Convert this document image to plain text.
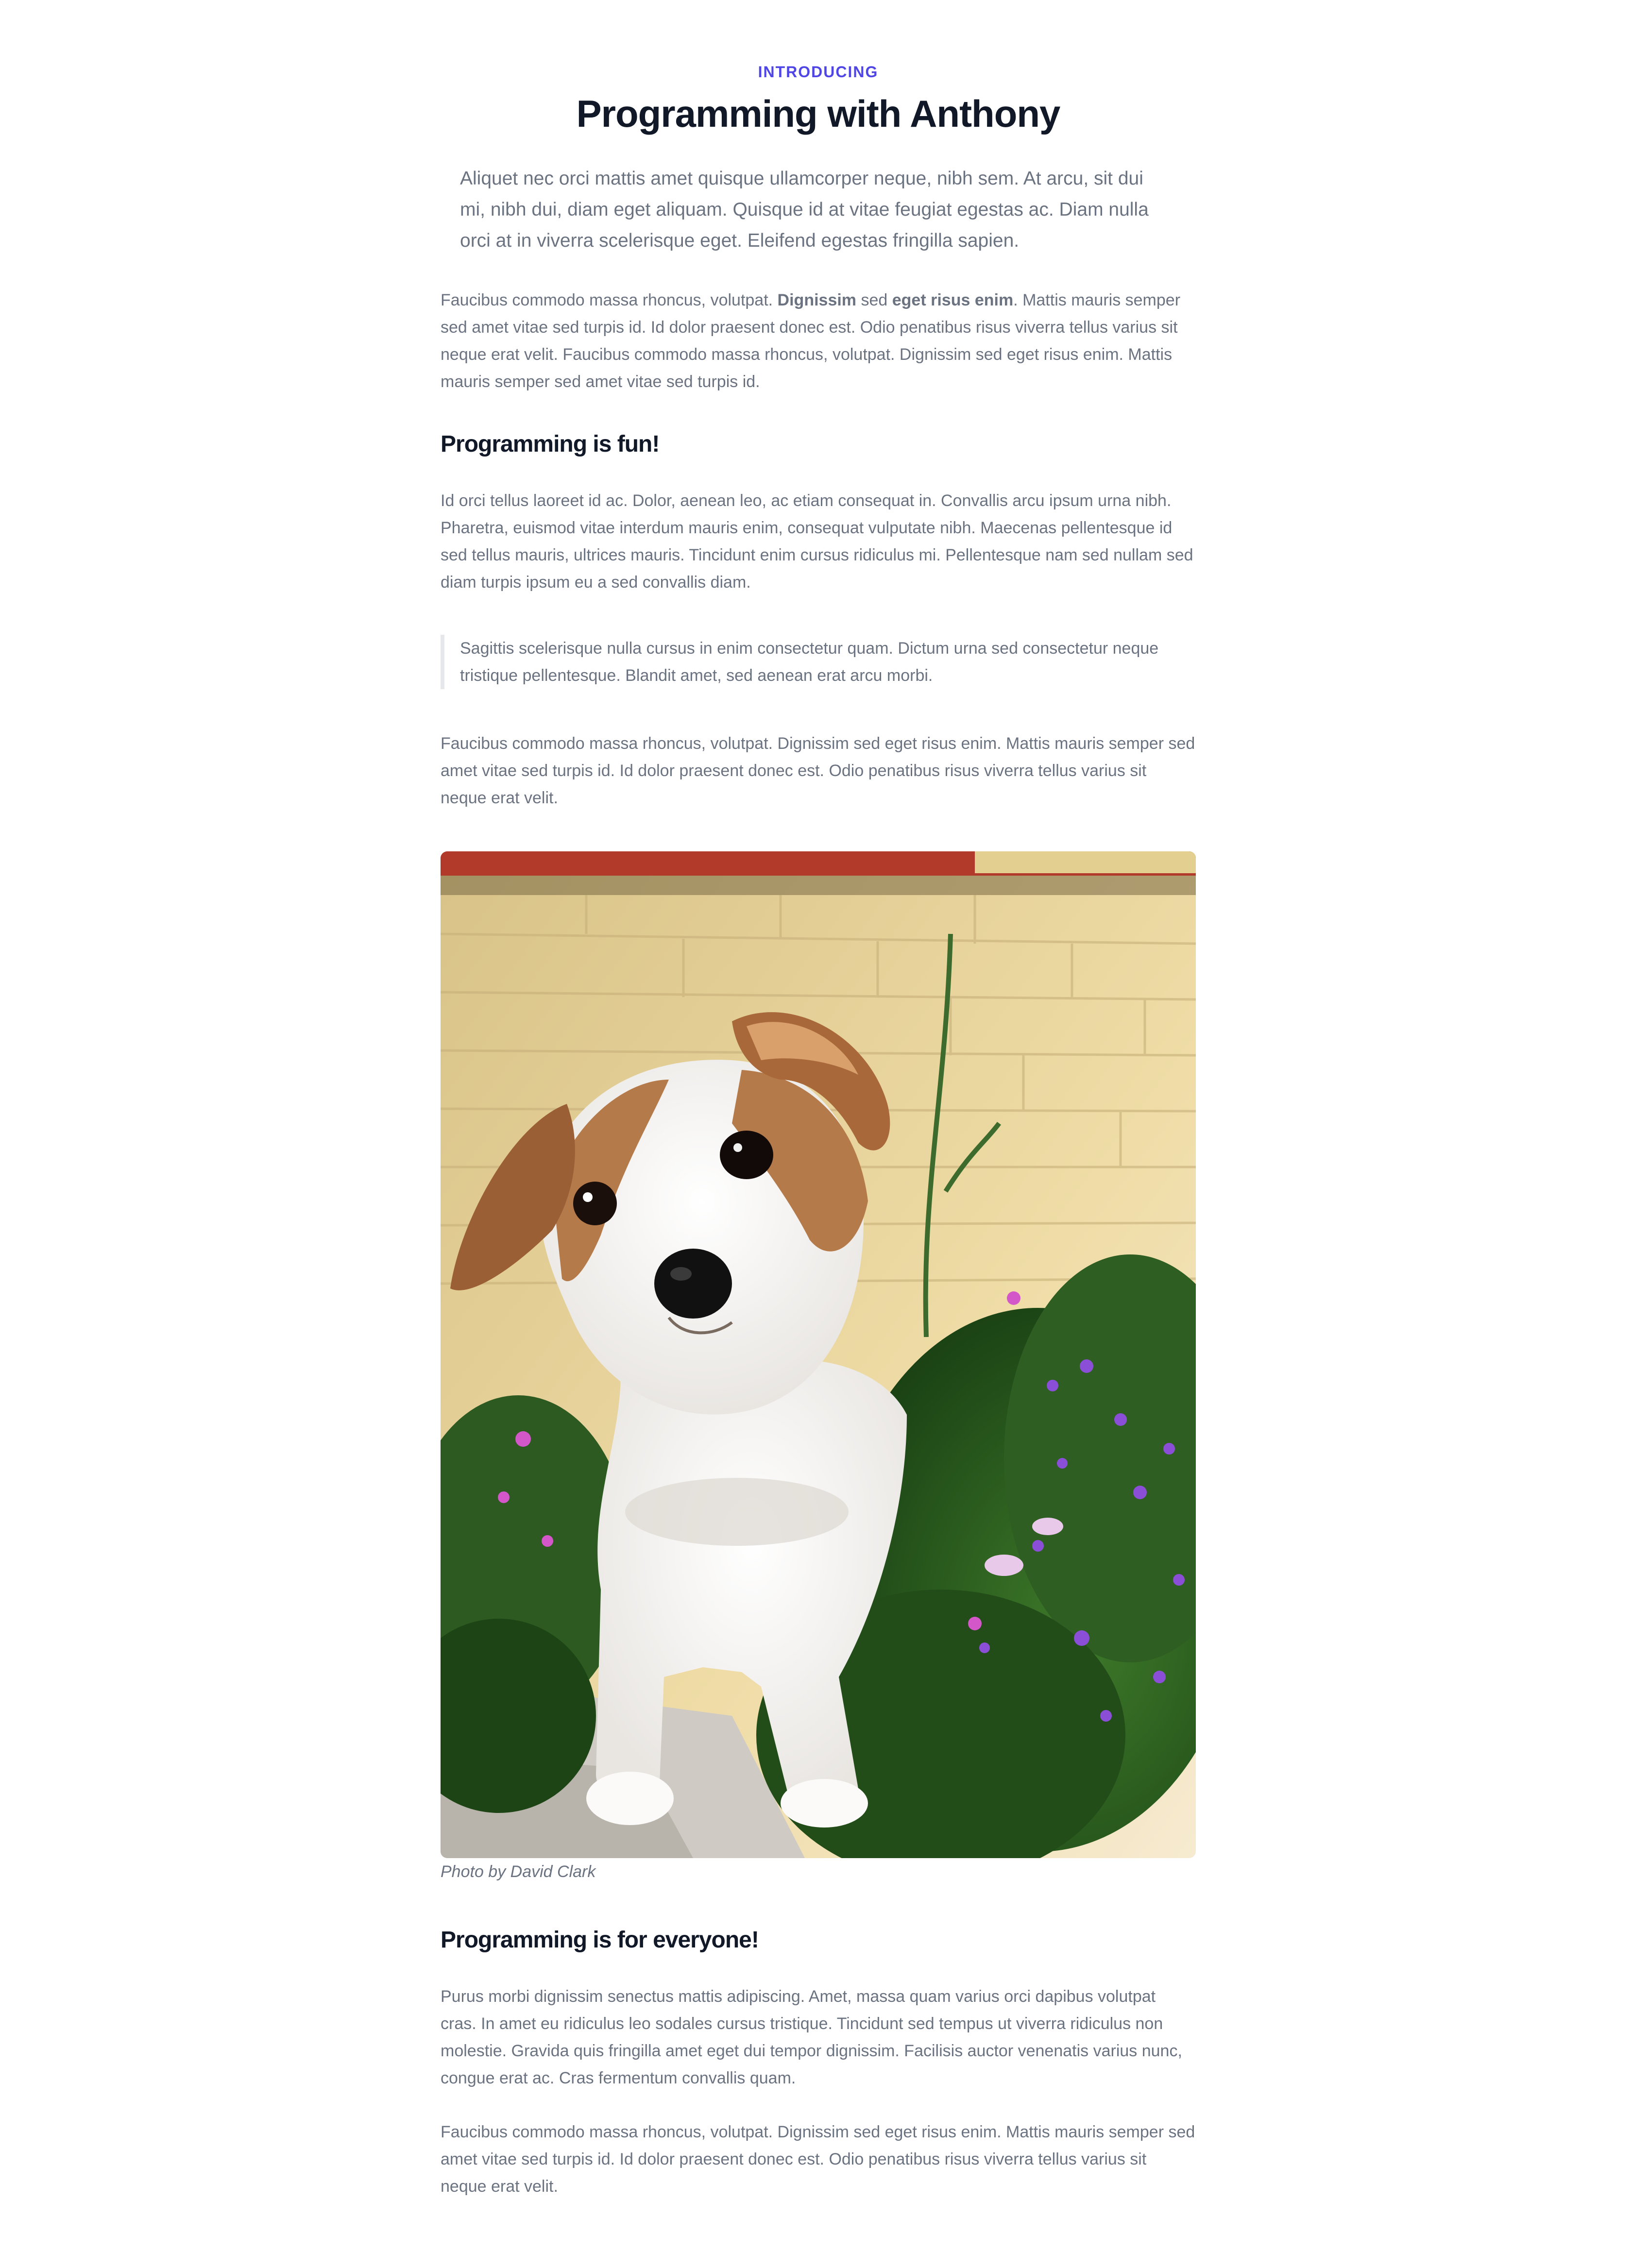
INTRODUCING
Programming with Anthony

Aliquet nec orci mattis amet quisque ullamcorper neque, nibh sem. At arcu, sit dui mi, nibh dui, diam eget aliquam. Quisque id at vitae feugiat egestas ac. Diam nulla orci at in viverra scelerisque eget. Eleifend egestas fringilla sapien.

Faucibus commodo massa rhoncus, volutpat. Dignissim sed eget risus enim. Mattis mauris semper sed amet vitae sed turpis id. Id dolor praesent donec est. Odio penatibus risus viverra tellus varius sit neque erat velit. Faucibus commodo massa rhoncus, volutpat. Dignissim sed eget risus enim. Mattis mauris semper sed amet vitae sed turpis id.

Programming is fun!

Id orci tellus laoreet id ac. Dolor, aenean leo, ac etiam consequat in. Convallis arcu ipsum urna nibh. Pharetra, euismod vitae interdum mauris enim, consequat vulputate nibh. Maecenas pellentesque id sed tellus mauris, ultrices mauris. Tincidunt enim cursus ridiculus mi. Pellentesque nam sed nullam sed diam turpis ipsum eu a sed convallis diam.

Sagittis scelerisque nulla cursus in enim consectetur quam. Dictum urna sed consectetur neque tristique pellentesque. Blandit amet, sed aenean erat arcu morbi.

Faucibus commodo massa rhoncus, volutpat. Dignissim sed eget risus enim. Mattis mauris semper sed amet vitae sed turpis id. Id dolor praesent donec est. Odio penatibus risus viverra tellus varius sit neque erat velit.

Photo by David Clark
Programming is for everyone!

Purus morbi dignissim senectus mattis adipiscing. Amet, massa quam varius orci dapibus volutpat cras. In amet eu ridiculus leo sodales cursus tristique. Tincidunt sed tempus ut viverra ridiculus non molestie. Gravida quis fringilla amet eget dui tempor dignissim. Facilisis auctor venenatis varius nunc, congue erat ac. Cras fermentum convallis quam.

Faucibus commodo massa rhoncus, volutpat. Dignissim sed eget risus enim. Mattis mauris semper sed amet vitae sed turpis id. Id dolor praesent donec est. Odio penatibus risus viverra tellus varius sit neque erat velit.
